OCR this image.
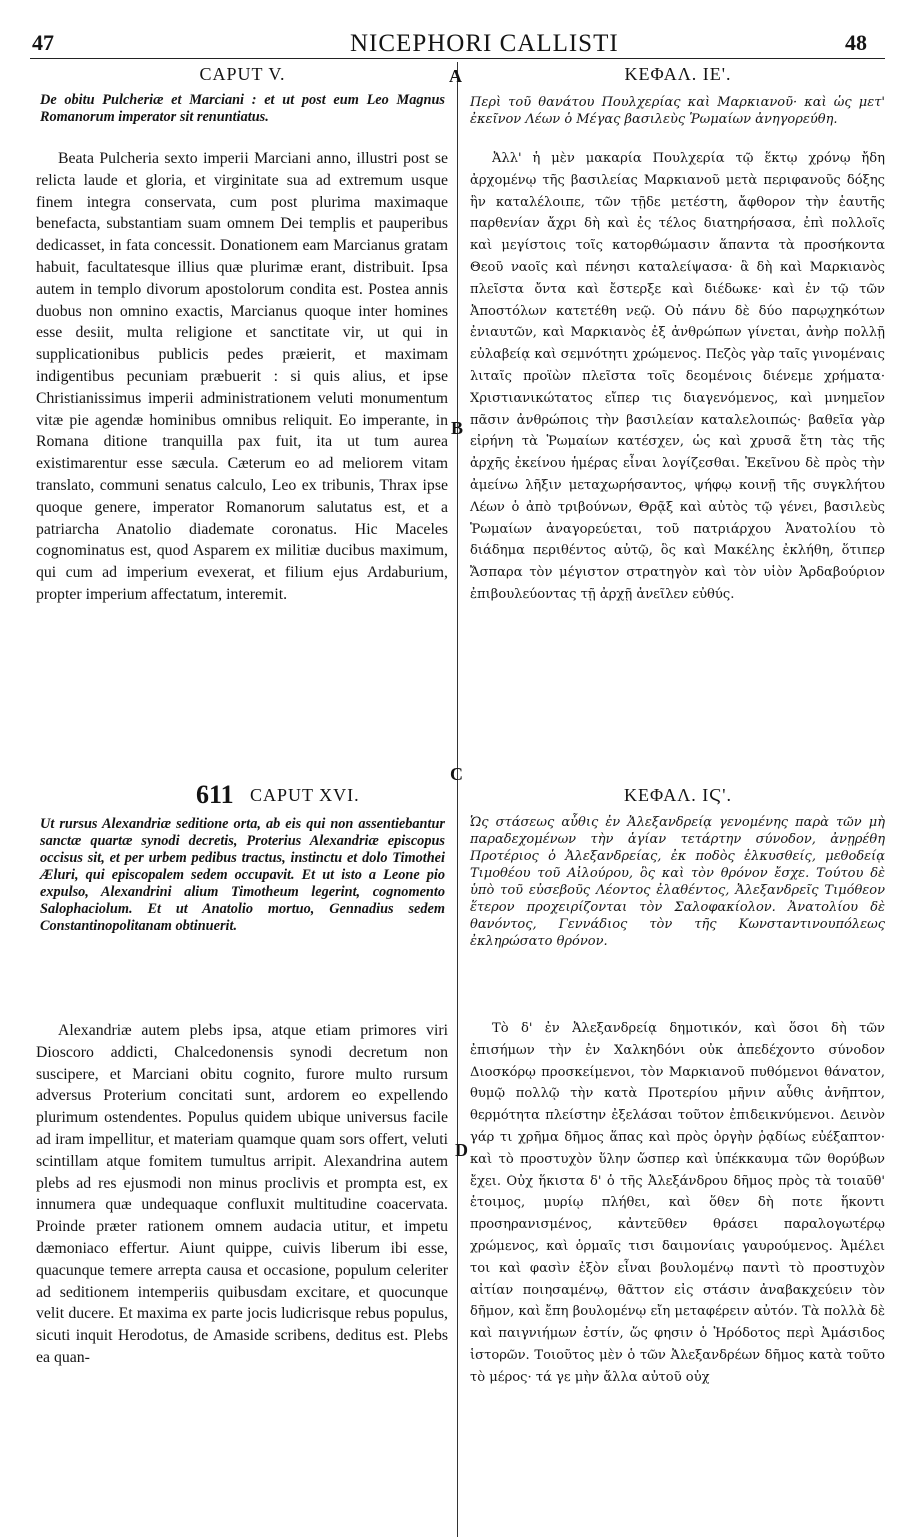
47	NICEPHORI CALLISTI	48
A
B
C
D
CAPUT V.
De obitu Pulcheriæ et Marciani : et ut post eum Leo Magnus Romanorum imperator sit renuntiatus.

Beata Pulcheria sexto imperii Marciani anno, illustri post se relicta laude et gloria, et virginitate sua ad extremum usque finem integra conservata, cum post plurima maximaque benefacta, substantiam suam omnem Dei templis et pauperibus dedicasset, in fata concessit. Donationem eam Marcianus gratam habuit, facultatesque illius quæ plurimæ erant, distribuit. Ipsa autem in templo divorum apostolorum condita est. Postea annis duobus non omnino exactis, Marcianus quoque inter homines esse desiit, multa religione et sanctitate vir, ut qui in supplicationibus publicis pedes præierit, et maximam indigentibus pecuniam præbuerit : si quis alius, et ipse Christianissimus imperii administrationem veluti monumentum vitæ pie agendæ hominibus omnibus reliquit. Eo imperante, in Romana ditione tranquilla pax fuit, ita ut tum aurea existimarentur esse sæcula. Cæterum eo ad meliorem vitam translato, communi senatus calculo, Leo ex tribunis, Thrax ipse quoque genere, imperator Romanorum salutatus est, et a patriarcha Anatolio diademate coronatus. Hic Maceles cognominatus est, quod Asparem ex militiæ ducibus maximum, qui cum ad imperium evexerat, et filium ejus Ardaburium, propter imperium affectatum, interemit.

611 CAPUT XVI.
Ut rursus Alexandriæ seditione orta, ab eis qui non assentiebantur sanctæ quartæ synodi decretis, Proterius Alexandriæ episcopus occisus sit, et per urbem pedibus tractus, instinctu et dolo Timothei Æluri, qui episcopalem sedem occupavit. Et ut isto a Leone pio expulso, Alexandrini alium Timotheum legerint, cognomento Salophaciolum. Et ut Anatolio mortuo, Gennadius sedem Constantinopolitanam obtinuerit.

Alexandriæ autem plebs ipsa, atque etiam primores viri Dioscoro addicti, Chalcedonensis synodi decretum non suscipere, et Marciani obitu cognito, furore multo rursum adversus Proterium concitati sunt, ardorem eo expellendo plurimum ostendentes. Populus quidem ubique universus facile ad iram impellitur, et materiam quamque quam sors offert, veluti scintillam atque fomitem tumultus arripit. Alexandrina autem plebs ad res ejusmodi non minus proclivis et prompta est, ex innumera quæ undequaque confluxit multitudine coacervata. Proinde præter rationem omnem audacia utitur, et impetu dæmoniaco effertur. Aiunt quippe, cuivis liberum ibi esse, quacunque temere arrepta causa et occasione, populum celeriter ad seditionem intemperiis quibusdam excitare, et quocunque velit ducere. Et maxima ex parte jocis ludicrisque rebus populus, sicuti inquit Herodotus, de Amaside scribens, deditus est. Plebs ea quan-

ΚΕΦΑΛ. ΙΕ'.
Περὶ τοῦ θανάτου Πουλχερίας καὶ Μαρκιανοῦ· καὶ ὡς μετ' ἐκεῖνον Λέων ὁ Μέγας βασιλεὺς Ῥωμαίων ἀνηγορεύθη.

Ἀλλ' ἡ μὲν μακαρία Πουλχερία τῷ ἕκτῳ χρόνῳ ἤδη ἀρχομένῳ τῆς βασιλείας Μαρκιανοῦ μετὰ περιφανοῦς δόξης ἣν καταλέλοιπε, τῶν τῇδε μετέστη, ἄφθορον τὴν ἑαυτῆς παρθενίαν ἄχρι δὴ καὶ ἐς τέλος διατηρήσασα, ἐπὶ πολλοῖς καὶ μεγίστοις τοῖς κατορθώμασιν ἅπαντα τὰ προσήκοντα Θεοῦ ναοῖς καὶ πένησι καταλείψασα· ἃ δὴ καὶ Μαρκιανὸς πλεῖστα ὄντα καὶ ἔστερξε καὶ διέδωκε· καὶ ἐν τῷ τῶν Ἀποστόλων κατετέθη νεῷ. Οὐ πάνυ δὲ δύο παρῳχηκότων ἐνιαυτῶν, καὶ Μαρκιανὸς ἐξ ἀνθρώπων γίνεται, ἀνὴρ πολλῇ εὐλαβείᾳ καὶ σεμνότητι χρώμενος. Πεζὸς γὰρ ταῖς γινομέναις λιταῖς προϊὼν πλεῖστα τοῖς δεομένοις διένεμε χρήματα· Χριστιανικώτατος εἴπερ τις διαγενόμενος, καὶ μνημεῖον πᾶσιν ἀνθρώποις τὴν βασιλείαν καταλελοιπώς· βαθεῖα γὰρ εἰρήνη τὰ Ῥωμαίων κατέσχεν, ὡς καὶ χρυσᾶ ἔτη τὰς τῆς ἀρχῆς ἐκείνου ἡμέρας εἶναι λογίζεσθαι. Ἐκεῖνου δὲ πρὸς τὴν ἀμείνω λῆξιν μεταχωρήσαντος, ψήφῳ κοινῇ τῆς συγκλήτου Λέων ὁ ἀπὸ τριβούνων, Θρᾷξ καὶ αὐτὸς τῷ γένει, βασιλεὺς Ῥωμαίων ἀναγορεύεται, τοῦ πατριάρχου Ἀνατολίου τὸ διάδημα περιθέντος αὐτῷ, ὃς καὶ Μακέλης ἐκλήθη, ὅτιπερ Ἄσπαρα τὸν μέγιστον στρατηγὸν καὶ τὸν υἱὸν Ἀρδαβούριον ἐπιβουλεύοντας τῇ ἀρχῇ ἀνεῖλεν εὐθύς.

ΚΕΦΑΛ. ΙϚ'.
Ὡς στάσεως αὖθις ἐν Ἀλεξανδρείᾳ γενομένης παρὰ τῶν μὴ παραδεχομένων τὴν ἁγίαν τετάρτην σύνοδον, ἀνῃρέθη Προτέριος ὁ Ἀλεξανδρείας, ἐκ ποδὸς ἑλκυσθείς, μεθοδείᾳ Τιμοθέου τοῦ Αἰλούρου, ὃς καὶ τὸν θρόνον ἔσχε. Τούτου δὲ ὑπὸ τοῦ εὐσεβοῦς Λέοντος ἐλαθέντος, Ἀλεξανδρεῖς Τιμόθεον ἕτερον προχειρίζονται τὸν Σαλοφακίολον. Ἀνατολίου δὲ θανόντος, Γεννάδιος τὸν τῆς Κωνσταντινουπόλεως ἐκληρώσατο θρόνον.

Τὸ δ' ἐν Ἀλεξανδρείᾳ δημοτικόν, καὶ ὅσοι δὴ τῶν ἐπισήμων τὴν ἐν Χαλκηδόνι οὐκ ἀπεδέχοντο σύνοδον Διοσκόρῳ προσκείμενοι, τὸν Μαρκιανοῦ πυθόμενοι θάνατον, θυμῷ πολλῷ τὴν κατὰ Προτερίου μῆνιν αὖθις ἀνῆπτον, θερμότητα πλείστην ἐξελάσαι τοῦτον ἐπιδεικνύμενοι. Δεινὸν γάρ τι χρῆμα δῆμος ἅπας καὶ πρὸς ὀργὴν ῥᾳδίως εὐέξαπτον· καὶ τὸ προστυχὸν ὕλην ὥσπερ καὶ ὑπέκκαυμα τῶν θορύβων ἔχει. Οὐχ ἥκιστα δ' ὁ τῆς Ἀλεξάνδρου δῆμος πρὸς τὰ τοιαῦθ' ἑτοιμος, μυρίῳ πλήθει, καὶ ὅθεν δὴ ποτε ἥκοντι προσηρανισμένος, κἀντεῦθεν θράσει παραλογωτέρῳ χρώμενος, καὶ ὁρμαῖς τισι δαιμονίαις γαυρούμενος. Ἀμέλει τοι καὶ φασὶν ἐξὸν εἶναι βουλομένῳ παντὶ τὸ προστυχὸν αἰτίαν ποιησαμένῳ, θᾶττον εἰς στάσιν ἀναβακχεύειν τὸν δῆμον, καὶ ἔπη βουλομένῳ εἴη μεταφέρειν αὐτόν. Τὰ πολλὰ δὲ καὶ παιγνιήμων ἐστίν, ὥς φησιν ὁ Ἡρόδοτος περὶ Ἀμάσιδος ἱστορῶν. Τοιοῦτος μὲν ὁ τῶν Ἀλεξανδρέων δῆμος κατὰ τοῦτο τὸ μέρος· τά γε μὴν ἄλλα αὐτοῦ οὐχ
